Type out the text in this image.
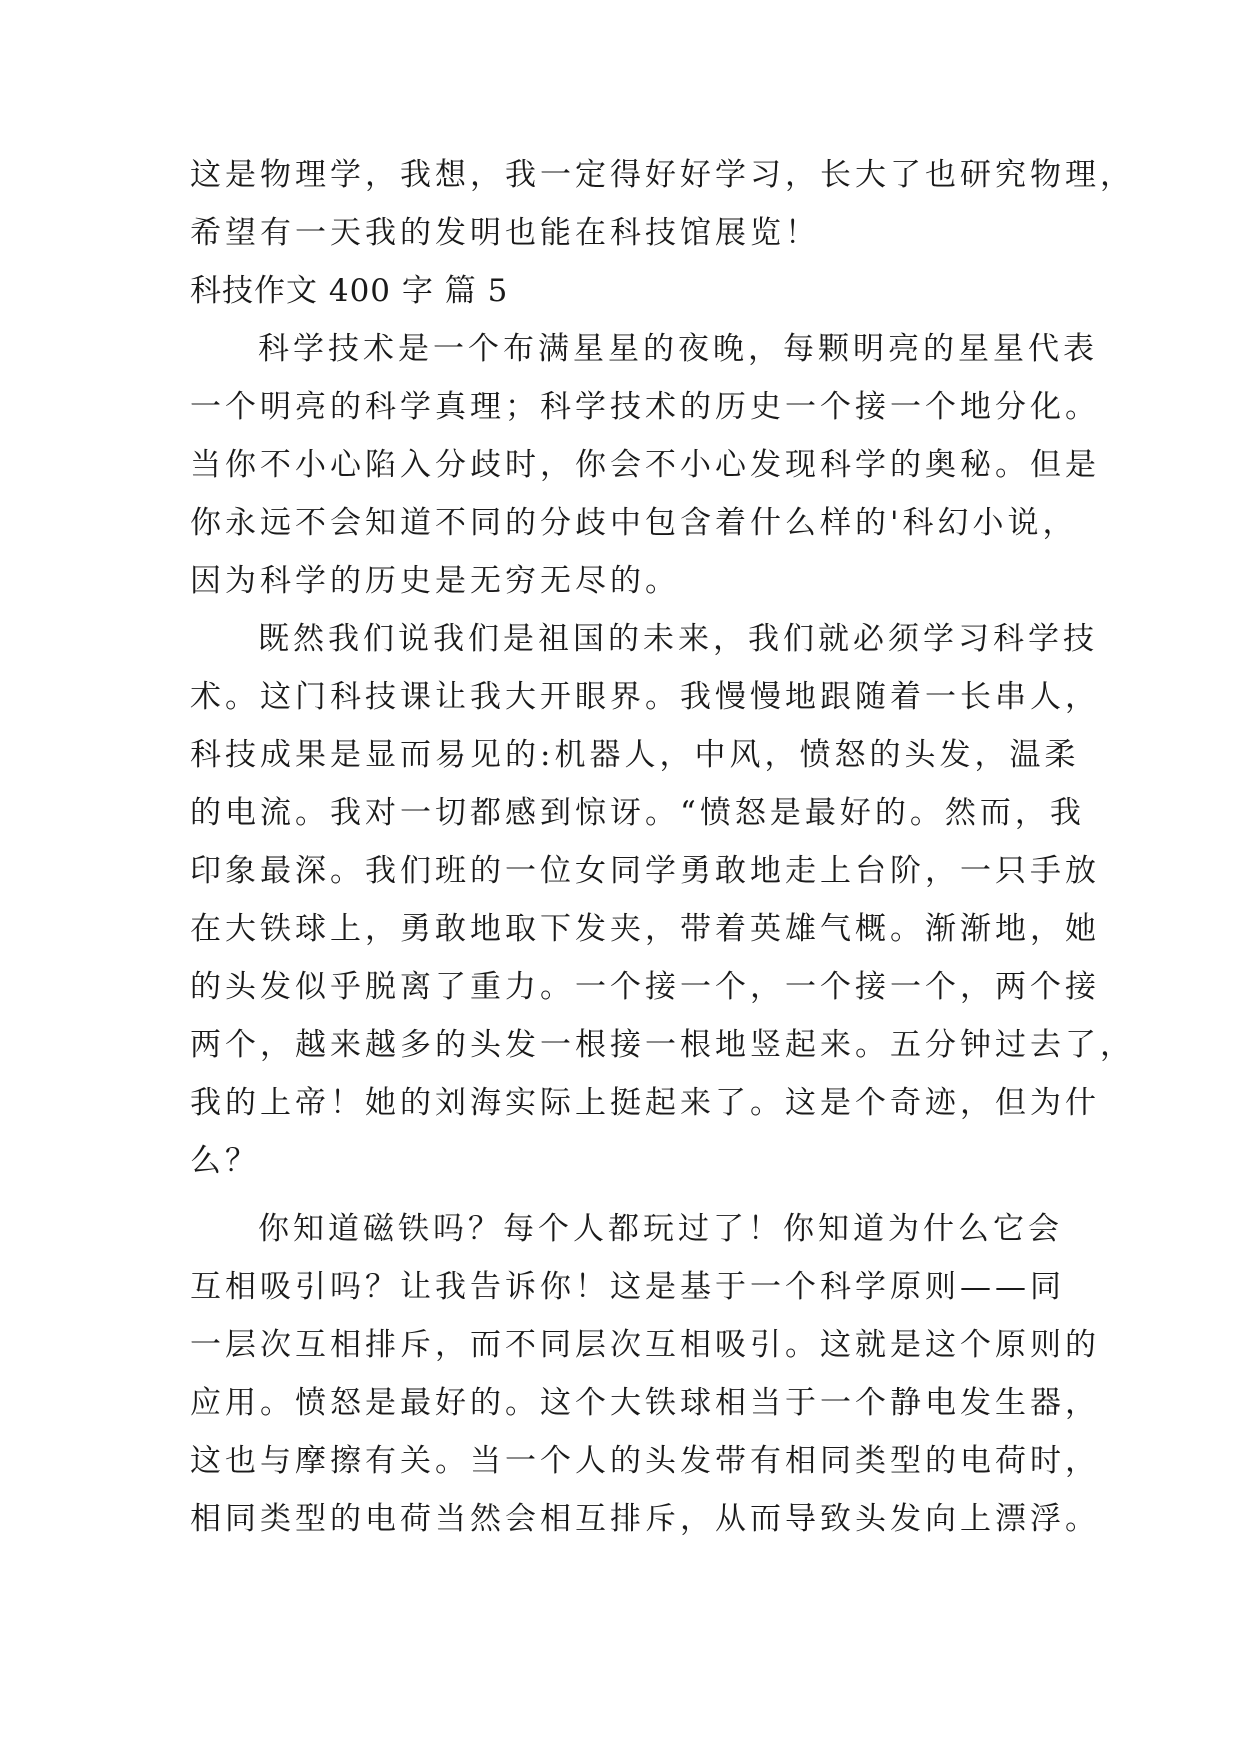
这是物理学，我想，我一定得好好学习，长大了也研究物理，
希望有一天我的发明也能在科技馆展览！
科技作文 400 字 篇 5
科学技术是一个布满星星的夜晚，每颗明亮的星星代表
一个明亮的科学真理；科学技术的历史一个接一个地分化。
当你不小心陷入分歧时，你会不小心发现科学的奥秘。但是
你永远不会知道不同的分歧中包含着什么样的'科幻小说，
因为科学的历史是无穷无尽的。
既然我们说我们是祖国的未来，我们就必须学习科学技
术。这门科技课让我大开眼界。我慢慢地跟随着一长串人，
科技成果是显而易见的:机器人，中风，愤怒的头发，温柔
的电流。我对一切都感到惊讶。“愤怒是最好的。然而，我
印象最深。我们班的一位女同学勇敢地走上台阶，一只手放
在大铁球上，勇敢地取下发夹，带着英雄气概。渐渐地，她
的头发似乎脱离了重力。一个接一个，一个接一个，两个接
两个，越来越多的头发一根接一根地竖起来。五分钟过去了，
我的上帝！她的刘海实际上挺起来了。这是个奇迹，但为什
么？
你知道磁铁吗？每个人都玩过了！你知道为什么它会
互相吸引吗？让我告诉你！这是基于一个科学原则——同
一层次互相排斥，而不同层次互相吸引。这就是这个原则的
应用。愤怒是最好的。这个大铁球相当于一个静电发生器，
这也与摩擦有关。当一个人的头发带有相同类型的电荷时，
相同类型的电荷当然会相互排斥，从而导致头发向上漂浮。
